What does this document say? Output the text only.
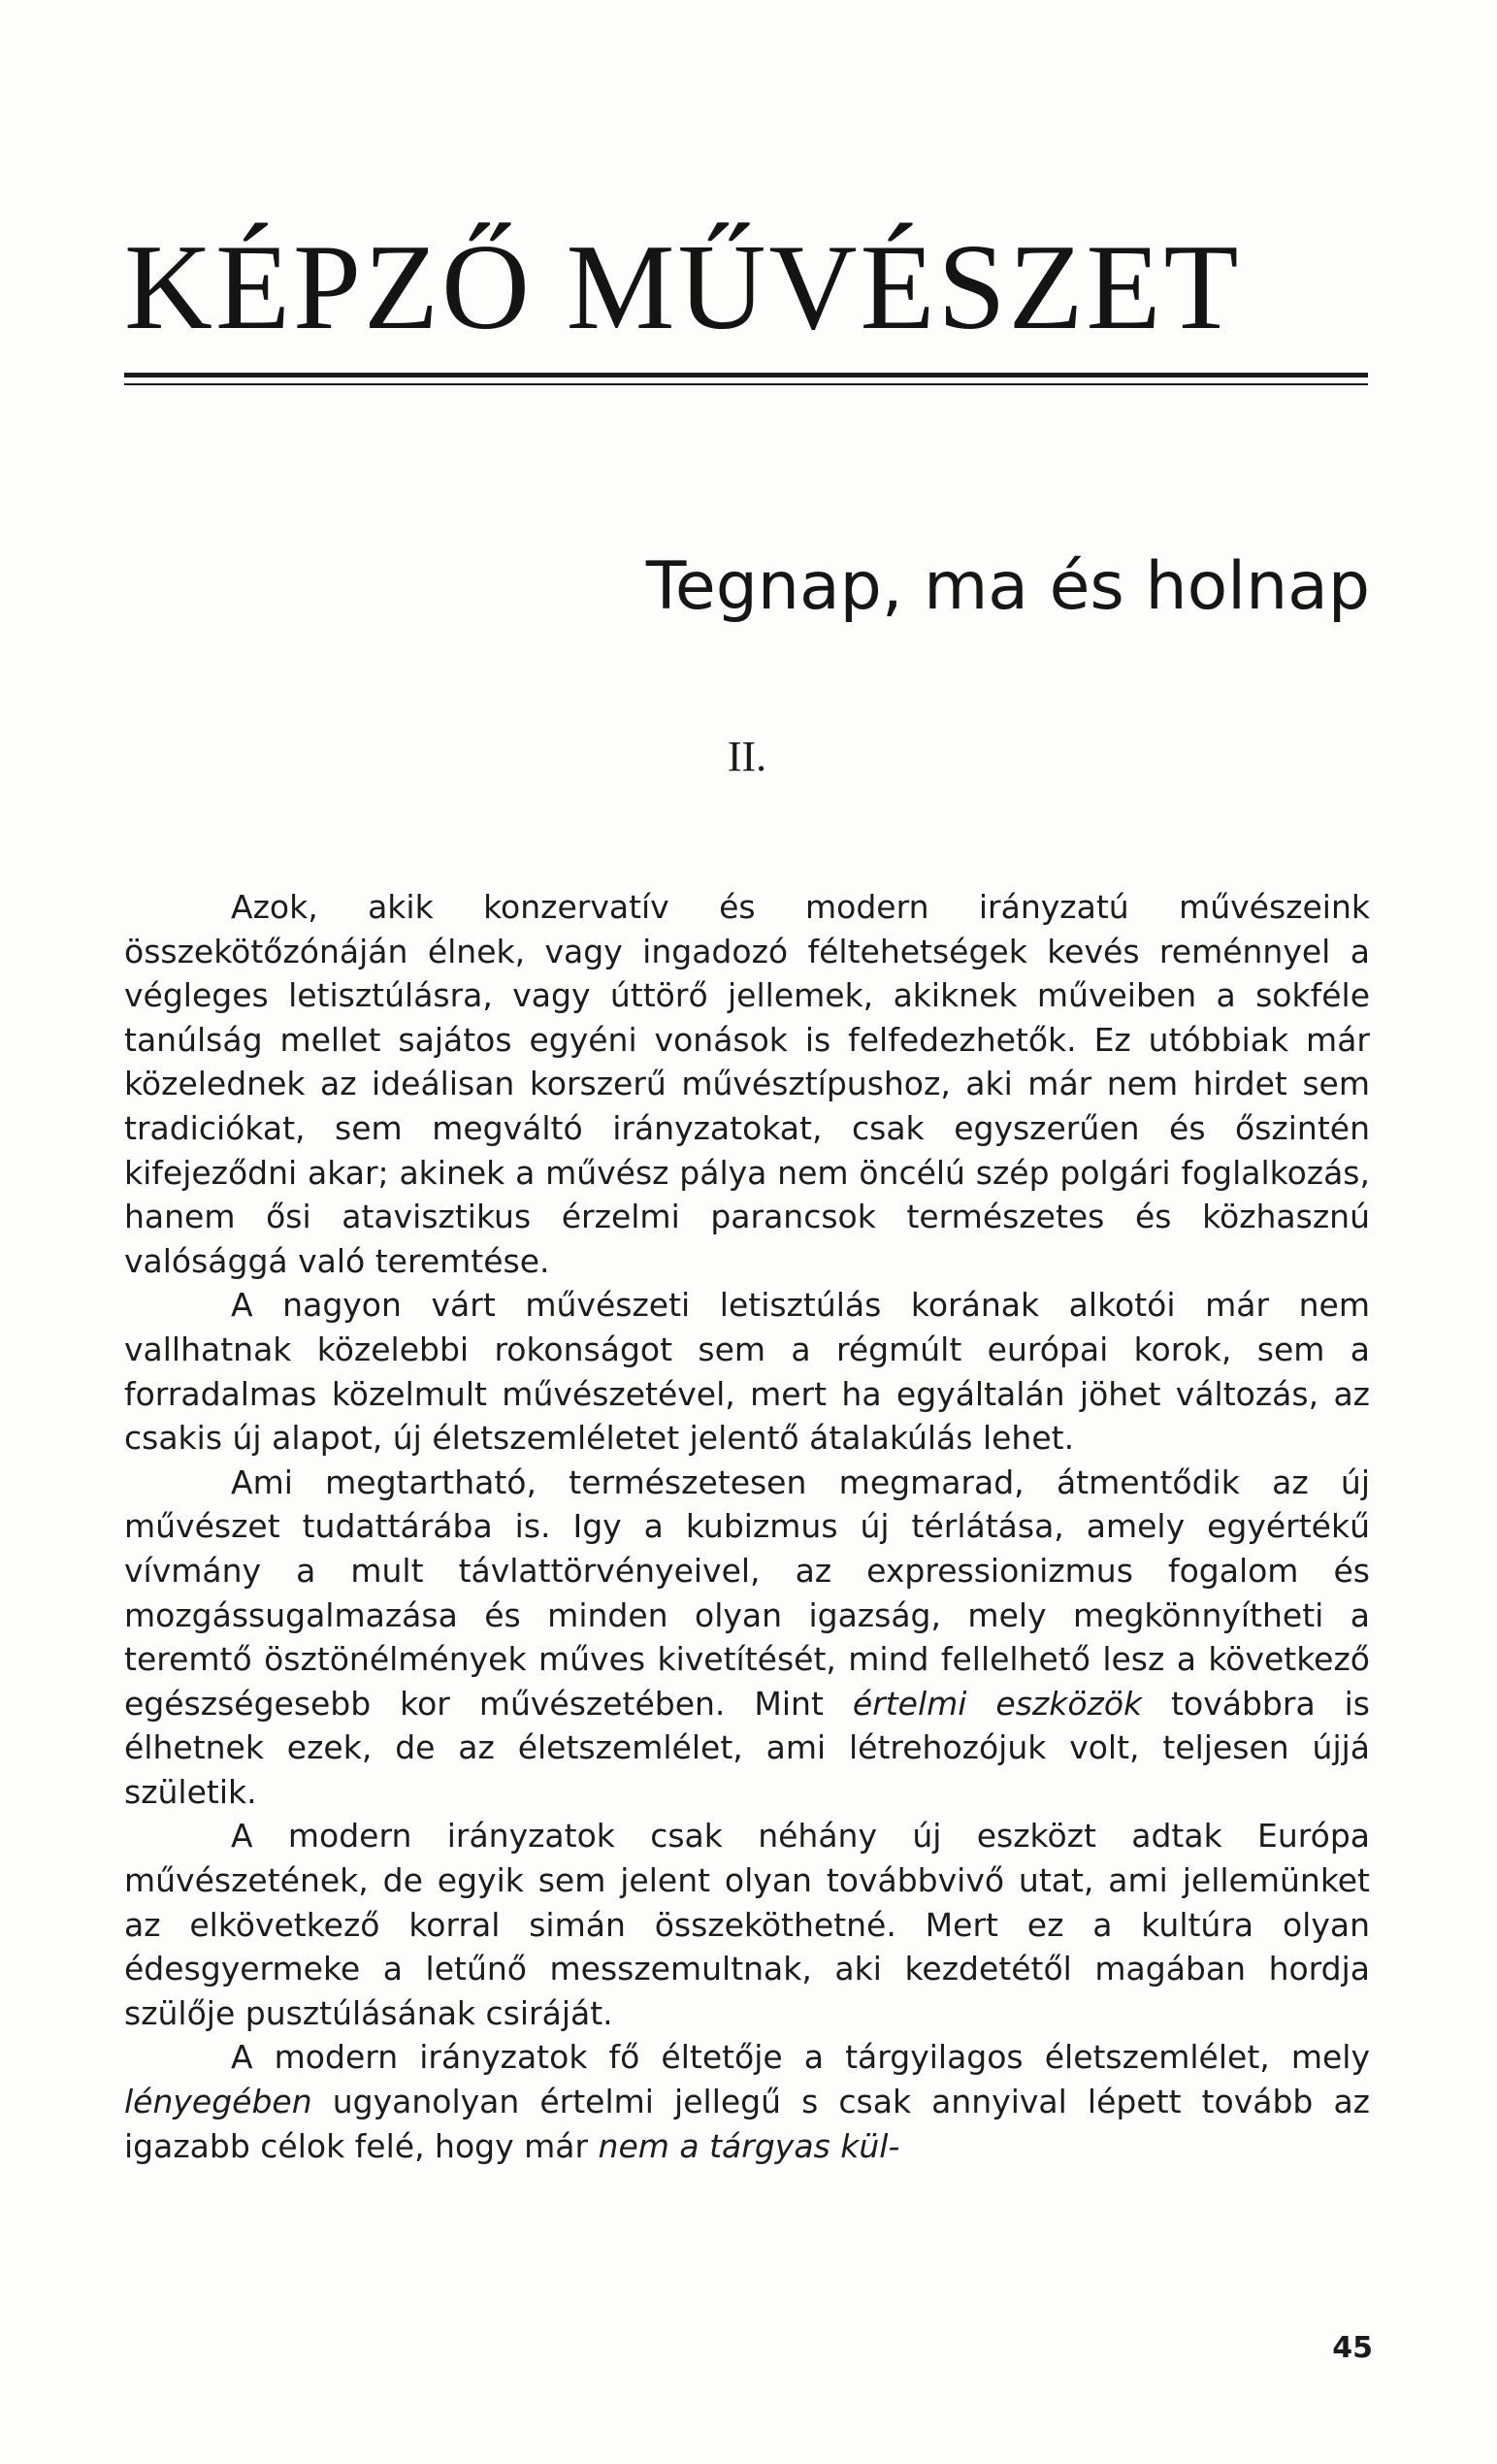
KÉPZŐ MŰVÉSZET
Tegnap, ma és holnap
II.

Azok, akik konzervatív és modern irányzatú művészeink összekötőzónáján élnek, vagy ingadozó féltehetségek kevés reménnyel a végleges letisztúlásra, vagy úttörő jellemek, akiknek műveiben a sokféle tanúlság mellet sajátos egyéni vonások is felfedezhetők. Ez utóbbiak már közelednek az ideálisan korszerű művésztípushoz, aki már nem hirdet sem tradiciókat, sem megváltó irányzatokat, csak egyszerűen és őszintén kifejeződni akar; akinek a művész pálya nem öncélú szép polgári foglalkozás, hanem ősi atavisztikus érzelmi parancsok természetes és közhasznú valósággá való teremtése.

A nagyon várt művészeti letisztúlás korának alkotói már nem vallhatnak közelebbi rokonságot sem a régmúlt európai korok, sem a forradalmas közelmult művészetével, mert ha egyáltalán jöhet változás, az csakis új alapot, új életszemléletet jelentő átalakúlás lehet.

Ami megtartható, természetesen megmarad, átmentődik az új művészet tudattárába is. Igy a kubizmus új térlátása, amely egyértékű vívmány a mult távlattörvényeivel, az expressionizmus fogalom és mozgássugalmazása és minden olyan igazság, mely megkönnyítheti a teremtő ösztönélmények műves kivetítését, mind fellelhető lesz a következő egészségesebb kor művészetében. Mint értelmi eszközök továbbra is élhetnek ezek, de az életszemlélet, ami létrehozójuk volt, teljesen újjá születik.

A modern irányzatok csak néhány új eszközt adtak Európa művészetének, de egyik sem jelent olyan továbbvivő utat, ami jellemünket az elkövetkező korral simán összeköthetné. Mert ez a kultúra olyan édesgyermeke a letűnő messzemultnak, aki kezdetétől magában hordja szülője pusztúlásának csiráját.

A modern irányzatok fő éltetője a tárgyilagos életszemlélet, mely lényegében ugyanolyan értelmi jellegű s csak annyival lépett tovább az igazabb célok felé, hogy már nem a tárgyas kül-

45
